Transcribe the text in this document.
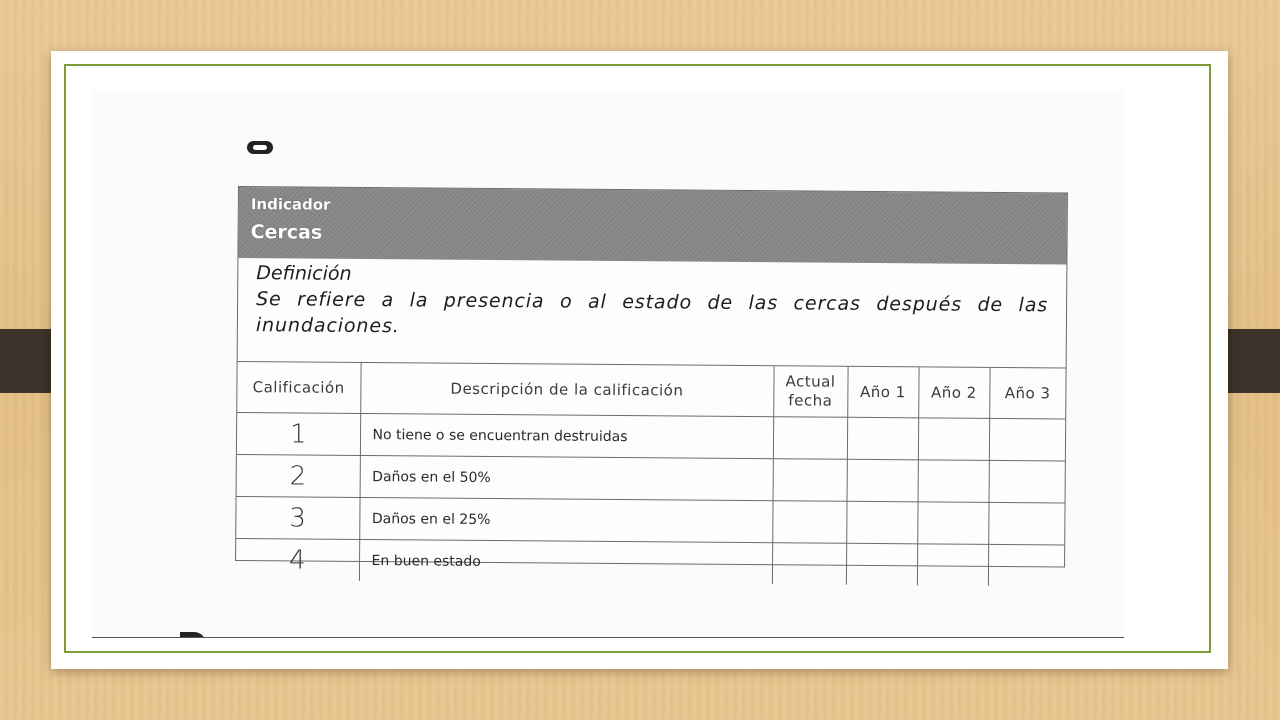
Indicador
Cercas
Definición
Se refiere a la presencia o al estado de las cercas después de las inundaciones.
Calificación	Descripción de la calificación	Actual fecha	Año 1	Año 2	Año 3
1	No tiene o se encuentran destruidas				
2	Daños en el 50%				
3	Daños en el 25%				
4	En buen estado				
